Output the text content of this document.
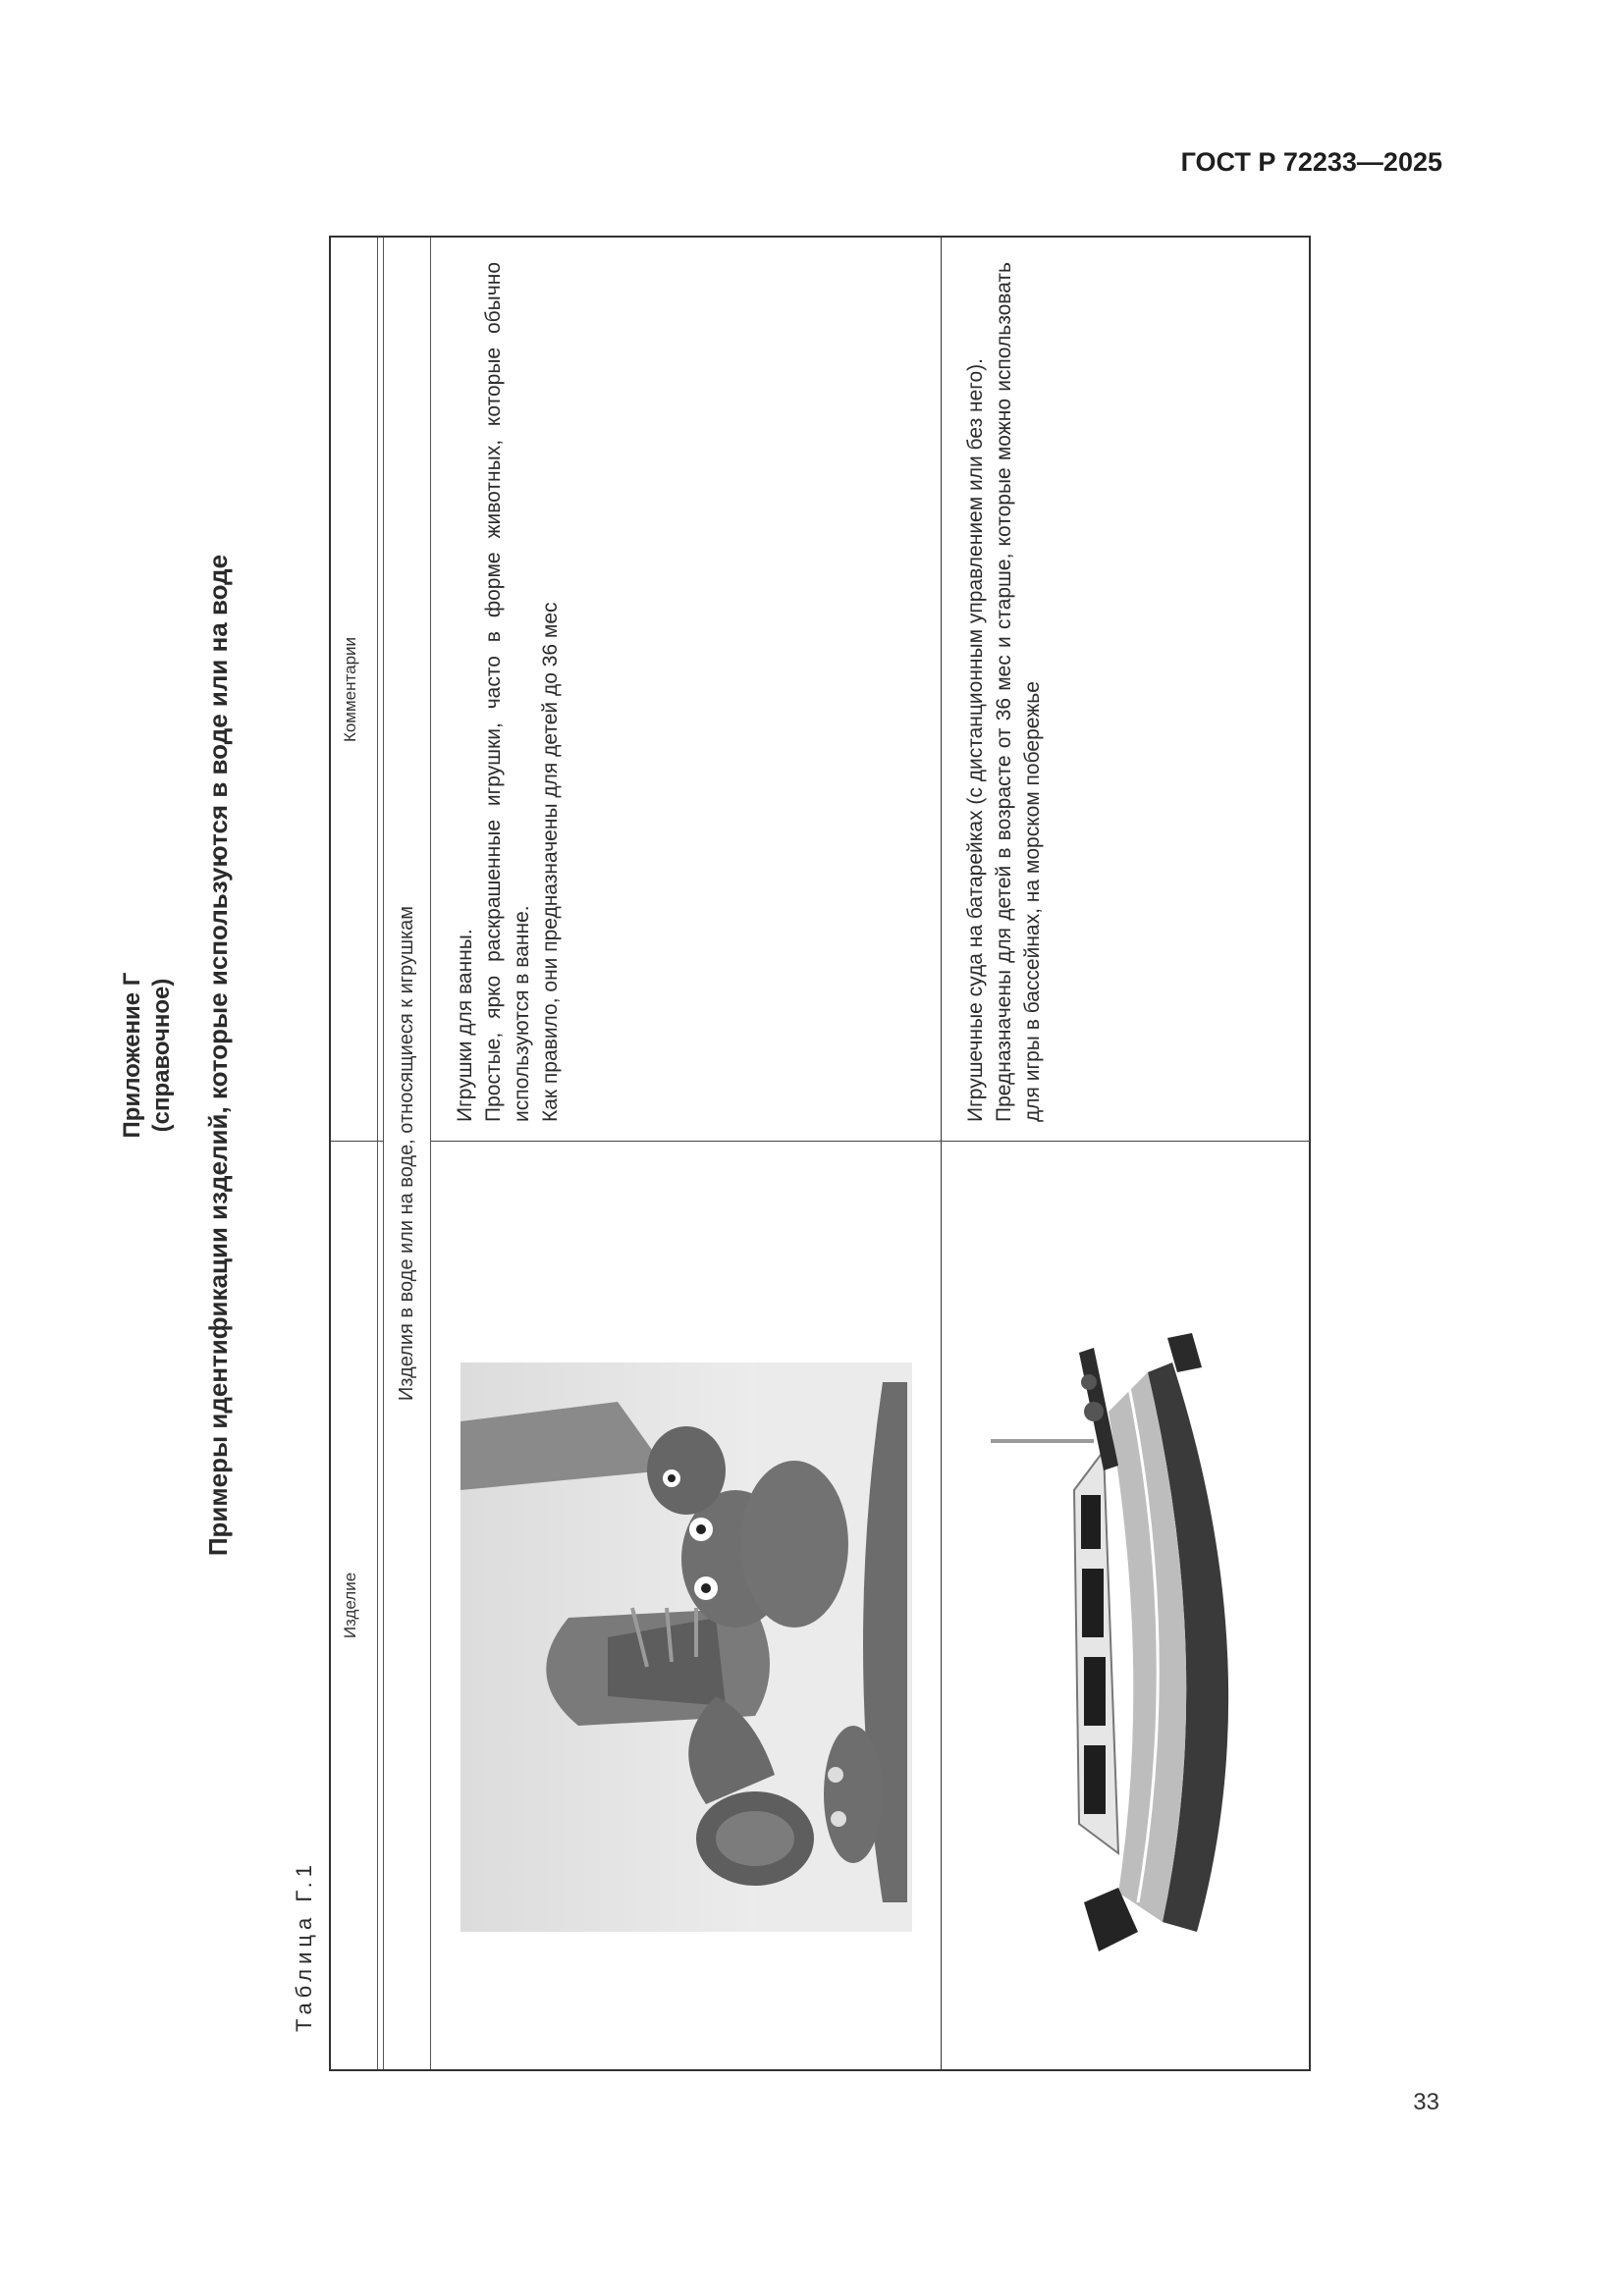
ГОСТ Р 72233—2025
Приложение Г (справочное) Примеры идентификации изделий, которые используются в воде или на воде
Таблица Г.1
Изделие
Комментарии
Изделия в воде или на воде, относящиеся к игрушкам Игрушки для ванны. Простые, ярко раскрашенные игрушки, часто в форме животных, которые обычно используются в ванне. Как правило, они предназначены для детей до 36 мес	Игрушечные суда на батарейках (с дистанционным управлением или без него). Предназначены для детей в возрасте от 36 мес и старше, которые можно использовать для игры в бассейнах, на морском побережье

33
